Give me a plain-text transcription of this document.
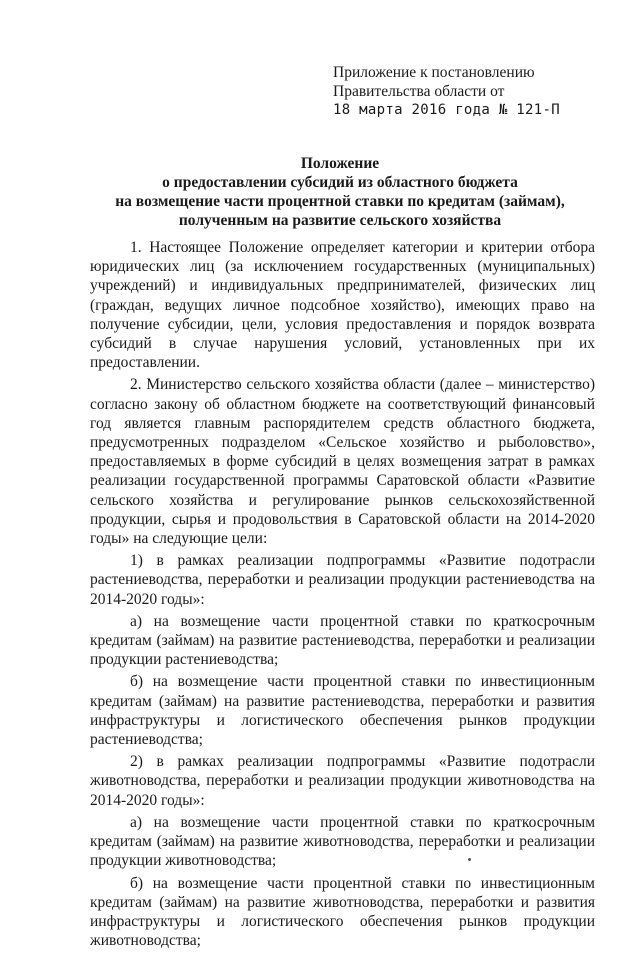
Приложение к постановлению
Правительства области от
18 марта 2016 года № 121-П
Положение
о предоставлении субсидий из областного бюджета
на возмещение части процентной ставки по кредитам (займам),
полученным на развитие сельского хозяйства

1. Настоящее Положение определяет категории и критерии отбора юридических лиц (за исключением государственных (муниципальных) учреждений) и индивидуальных предпринимателей, физических лиц (граждан, ведущих личное подсобное хозяйство), имеющих право на получение субсидии, цели, условия предоставления и порядок возврата субсидий в случае нарушения условий, установленных при их предоставлении.

2. Министерство сельского хозяйства области (далее – министерство) согласно закону об областном бюджете на соответствующий финансовый год является главным распорядителем средств областного бюджета, предусмотренных подразделом «Сельское хозяйство и рыболовство», предоставляемых в форме субсидий в целях возмещения затрат в рамках реализации государственной программы Саратовской области «Развитие сельского хозяйства и регулирование рынков сельскохозяйственной продукции, сырья и продовольствия в Саратовской области на 2014-2020 годы» на следующие цели:

1) в рамках реализации подпрограммы «Развитие подотрасли растениеводства, переработки и реализации продукции растениеводства на 2014-2020 годы»:

а) на возмещение части процентной ставки по краткосрочным кредитам (займам) на развитие растениеводства, переработки и реализации продукции растениеводства;

б) на возмещение части процентной ставки по инвестиционным кредитам (займам) на развитие растениеводства, переработки и развития инфраструктуры и логистического обеспечения рынков продукции растениеводства;

2) в рамках реализации подпрограммы «Развитие подотрасли животноводства, переработки и реализации продукции животноводства на 2014-2020 годы»:

а) на возмещение части процентной ставки по краткосрочным кредитам (займам) на развитие животноводства, переработки и реализации продукции животноводства;

б) на возмещение части процентной ставки по инвестиционным кредитам (займам) на развитие животноводства, переработки и развития инфраструктуры и логистического обеспечения рынков продукции животноводства;
